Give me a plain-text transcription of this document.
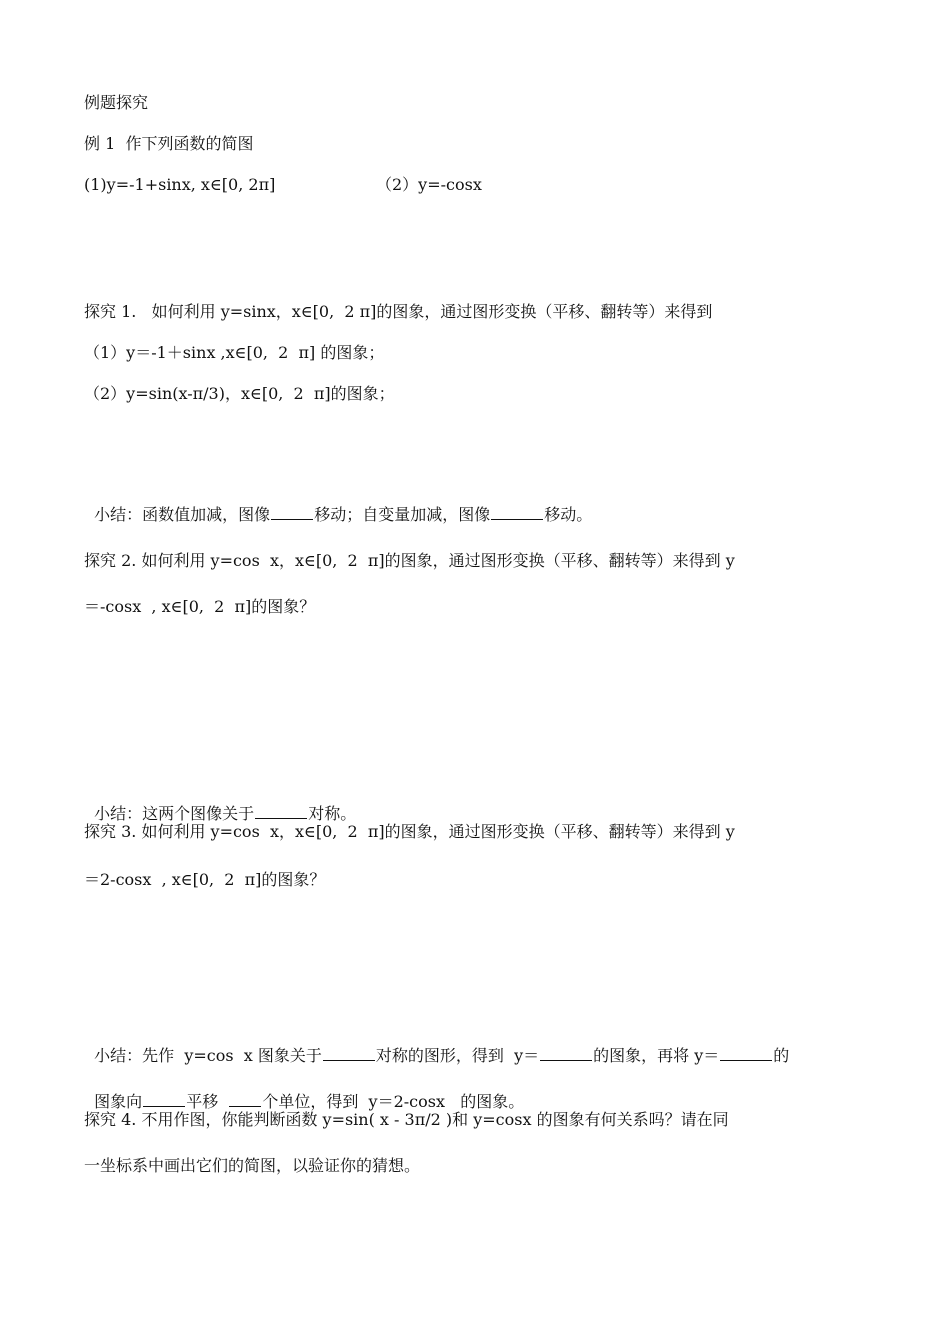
例题探究
例 1  作下列函数的简图
(1)y=-1+sinx, x∈[0, 2π]	（2）y=-cosx
探究 1.   如何利用 y=sinx，x∈[0,  2 π]的图象，通过图形变换（平移、翻转等）来得到
（1）y＝-1＋sinx ,x∈[0,  2  π] 的图象；
（2）y=sin(x-π/3)，x∈[0,  2  π]的图象；

小结：函数值加减，图像	移动；自变量加减，图像	移动。

探究 2. 如何利用 y=cos  x，x∈[0,  2  π]的图象，通过图形变换（平移、翻转等）来得到 y
＝-cosx  , x∈[0,  2  π]的图象？

小结：这两个图像关于	对称。

探究 3. 如何利用 y=cos  x，x∈[0,  2  π]的图象，通过图形变换（平移、翻转等）来得到 y
＝2-cosx  , x∈[0,  2  π]的图象？

小结：先作  y=cos  x 图象关于	对称的图形，得到  y＝	的图象，再将 y＝	的

图象向	平移  个单位，得到  y＝2-cosx   的图象。

探究 4. 不用作图，你能判断函数 y=sin( x - 3π/2 )和 y=cosx 的图象有何关系吗？请在同
一坐标系中画出它们的简图，以验证你的猜想。
